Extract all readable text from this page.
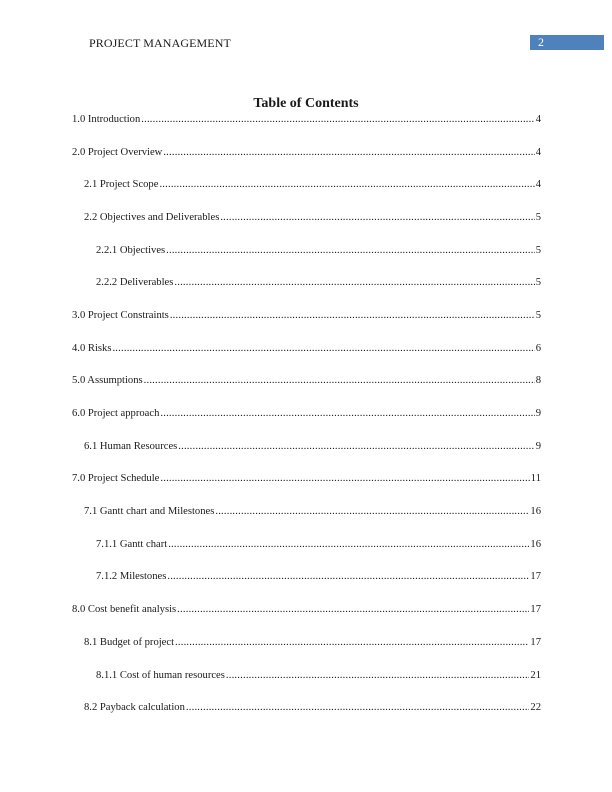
PROJECT MANAGEMENT	2
Table of Contents
1.0 Introduction .....	4
2.0 Project Overview .....	4
2.1 Project Scope .....	4
2.2 Objectives and Deliverables .....	5
2.2.1 Objectives .....	5
2.2.2 Deliverables .....	5
3.0 Project Constraints .....	5
4.0 Risks .....	6
5.0 Assumptions .....	8
6.0 Project approach .....	9
6.1 Human Resources .....	9
7.0 Project Schedule .....	11
7.1 Gantt chart and Milestones .....	16
7.1.1 Gantt chart .....	16
7.1.2 Milestones .....	17
8.0 Cost benefit analysis .....	17
8.1 Budget of project .....	17
8.1.1 Cost of human resources .....	21
8.2 Payback calculation .....	22
